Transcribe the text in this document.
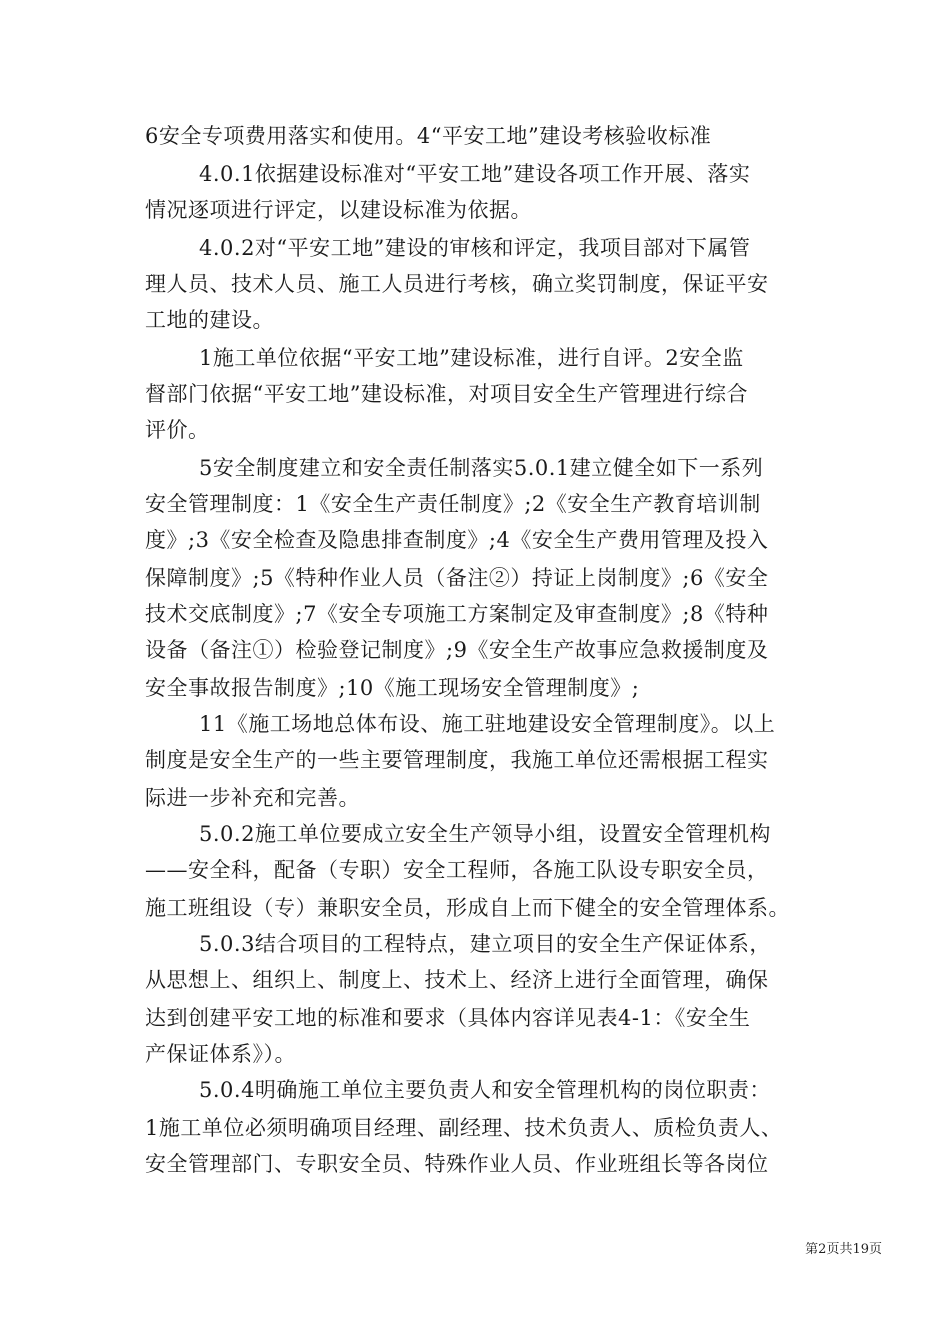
6安全专项费用落实和使用。4“平安工地”建设考核验收标准
4.0.1依据建设标准对“平安工地”建设各项工作开展、落实
情况逐项进行评定，以建设标准为依据。
4.0.2对“平安工地”建设的审核和评定，我项目部对下属管
理人员、技术人员、施工人员进行考核，确立奖罚制度，保证平安
工地的建设。
1施工单位依据“平安工地”建设标准，进行自评。2安全监
督部门依据“平安工地”建设标准，对项目安全生产管理进行综合
评价。
5安全制度建立和安全责任制落实5.0.1建立健全如下一系列
安全管理制度：1《安全生产责任制度》;2《安全生产教育培训制
度》;3《安全检查及隐患排查制度》;4《安全生产费用管理及投入
保障制度》;5《特种作业人员（备注②）持证上岗制度》;6《安全
技术交底制度》;7《安全专项施工方案制定及审查制度》;8《特种
设备（备注①）检验登记制度》;9《安全生产故事应急救援制度及
安全事故报告制度》;10《施工现场安全管理制度》;
11《施工场地总体布设、施工驻地建设安全管理制度》。以上
制度是安全生产的一些主要管理制度，我施工单位还需根据工程实
际进一步补充和完善。
5.0.2施工单位要成立安全生产领导小组，设置安全管理机构
——安全科，配备（专职）安全工程师，各施工队设专职安全员，
施工班组设（专）兼职安全员，形成自上而下健全的安全管理体系。
5.0.3结合项目的工程特点，建立项目的安全生产保证体系，
从思想上、组织上、制度上、技术上、经济上进行全面管理，确保
达到创建平安工地的标准和要求（具体内容详见表4-1：《安全生
产保证体系》）。
5.0.4明确施工单位主要负责人和安全管理机构的岗位职责：
1施工单位必须明确项目经理、副经理、技术负责人、质检负责人、
安全管理部门、专职安全员、特殊作业人员、作业班组长等各岗位
第2页共19页
